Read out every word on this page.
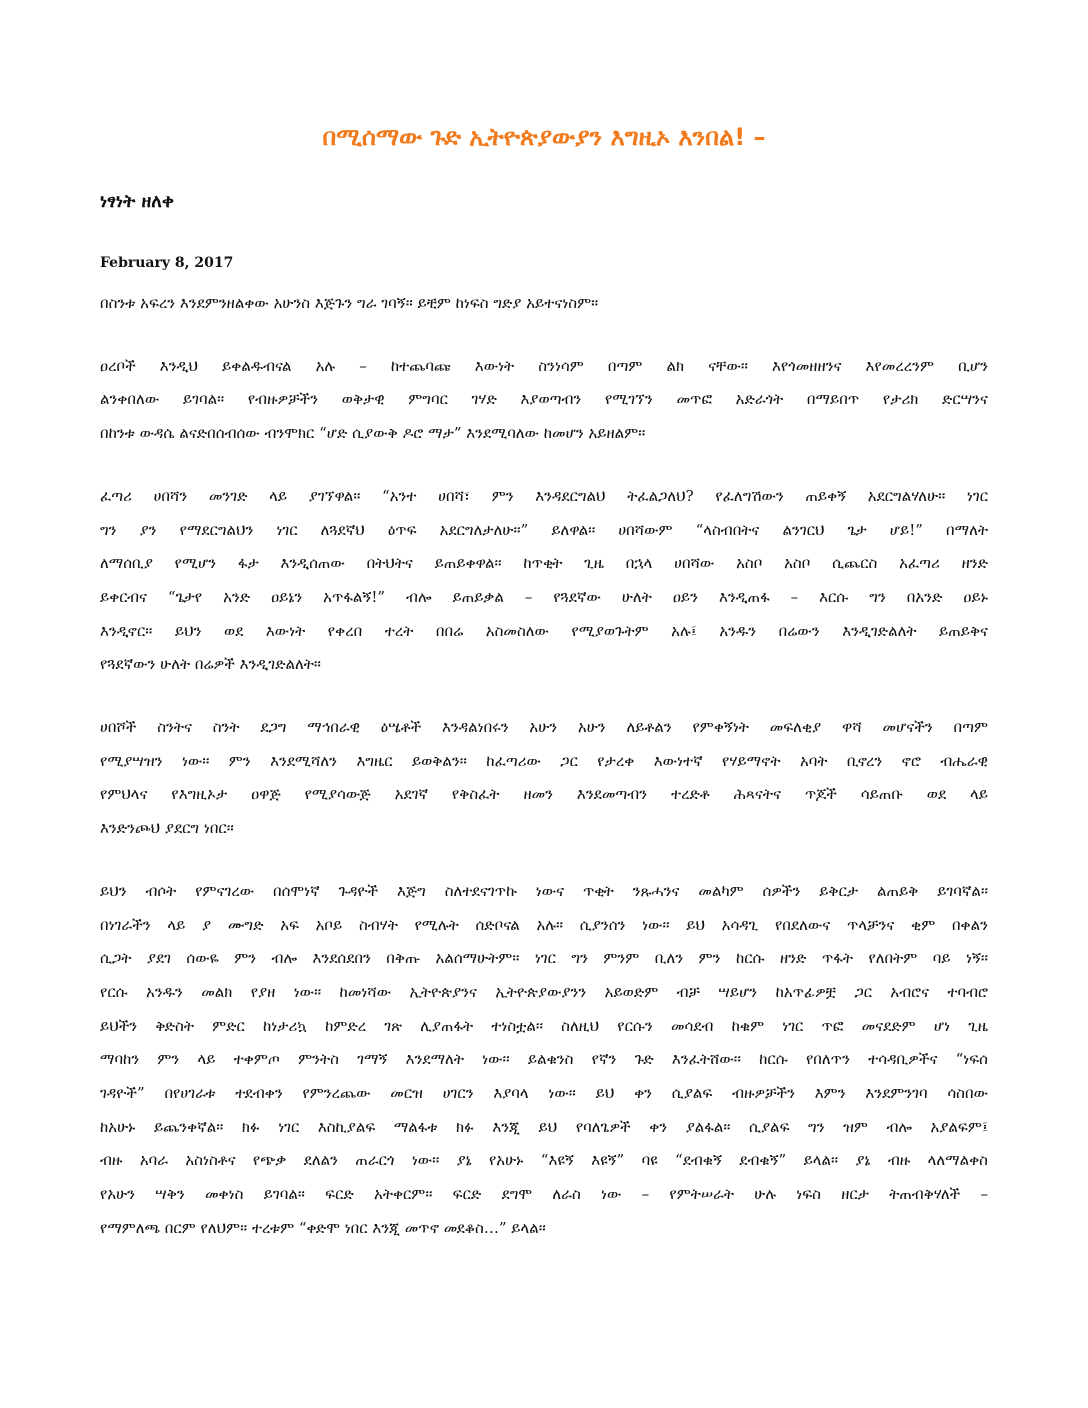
በሚሰማው ጉድ ኢትዮጵያውያን እግዚኦ እንበል! –
ነፃነት ዘለቀ
February 8, 2017
በስንቱ አፍረን እንደምንዘልቀው አሁንስ እጅጉን ግራ ገባኝ፡፡ ይቺም ከነፍስ ግድያ አይተናነስም፡፡
ዐረቦች እንዲህ ይቀልዱብናል አሉ – ከተጨባጩ እውነት ስንነሳም በጣም ልክ ናቸው፡፡ እየጎመዘዘንና እየመረረንም ቢሆን
ልንቀበለው ይገባል፡፡ የብዙዎቻችን ወቅታዊ ምግባር ገሃድ እያወጣብን የሚገኘን መጥፎ አድራጎት በማይበጥ የታሪክ ድርሣንና
በከንቱ ውዳሴ ልናድበሰብሰው ብንሞክር “ሆድ ሲያውቅ ዶሮ ማታ” እንደሚባለው ከመሆን አይዘልም፡፡
ፈጣሪ ሀበሻን መንገድ ላይ ያገኘዋል፡፡ “አንተ ሀበሻ፣ ምን እንዳደርግልህ ትፈልጋለህ? የፈለግሽውን ጠይቀኝ አደርግልሃለሁ፡፡ ነገር
ግን ያን የማደርግልህን ነገር ለጓደኛህ ዕጥፍ አደርግለታለሁ፡፡” ይለዋል፡፡ ሀበሻውም “ላስብበትና ልንገርህ ጌታ ሆይ!” በማለት
ለማሰቢያ የሚሆን ፋታ እንዲሰጠው በትህትና ይጠይቀዋል፡፡ ከጥቂት ጊዜ በኋላ ሀበሻው አስቦ አስቦ ሲጨርስ አፈጣሪ ዘንድ
ይቀርብና “ጌታየ አንድ ዐይኔን አጥፋልኝ!” ብሎ ይጠይቃል – የጓደኛው ሁለት ዐይን እንዲጠፋ – እርሱ ግን በአንድ ዐይኑ
እንዲኖር፡፡ ይህን ወደ እውነት የቀረበ ተረት በበሬ አስመስለው የሚያወጉትም አሉ፤ አንዱን በሬውን እንዲገድልለት ይጠይቅና
የጓደኛውን ሁለት በሬዎች እንዲገድልለት፡፡
ሀበሾች ስንትና ስንት ደጋግ ማኅበራዊ ዕሤቶች እንዳልነበሩን አሁን አሁን ለይቶልን የምቀኝነት መፍለቂያ ዋሻ መሆናችን በጣም
የሚያሣዝን ነው፡፡ ምን እንደሚሻለን እግዜር ይወቅልን፡፡ ከፈጣሪው ጋር የታረቀ እውነተኛ የሃይማኖት አባት ቢኖረን ኖሮ ብሔራዊ
የምህላና የእግዚኦታ ዐዋጅ የሚያሳውጅ አደገኛ የቅስፈት ዘመን እንደመጣብን ተረድቶ ሕጻናትና ጥጆች ሳይጠቡ ወደ ላይ
እንድንጮህ ያደርግ ነበር፡፡
ይህን ብሶት የምናገረው በሰሞነኛ ጉዳዮች እጅግ ስለተደናገጥኩ ነውና ጥቂት ንጹሓንና መልካም ሰዎችን ይቅርታ ልጠይቅ ይገባኛል፡፡
በነገራችን ላይ ያ ሙግድ አፍ አቦይ ስብሃት የሚሉት ሰድቦናል አሉ፡፡ ሲያንሰን ነው፡፡ ይህ አሳዳጊ የበደለውና ጥላቻንና ቂም በቀልን
ሲጋት ያደገ ሰውዬ ምን ብሎ እንደሰደበን በቅጡ አልሰማሁትም፡፡ ነገር ግን ምንም ቢለን ምን ከርሱ ዘንድ ጥፋት የለበትም ባይ ነኝ፡፡
የርሱ አንዱን መልክ የያዘ ነው፡፡ ከመነሻው ኢትዮጵያንና ኢትዮጵያውያንን አይወድም ብቻ ሣይሆን ከአጥፊዎቿ ጋር አብሮና ተባብሮ
ይህችን ቅድስት ምድር ከነታሪኳ ከምድረ ገጽ ሊያጠፋት ተነስቷል፡፡ ስለዚህ የርሱን መሳደብ ከቁም ነገር ጥፎ መናደድም ሆነ ጊዜ
ማባከን ምን ላይ ተቀምጦ ምንትስ ገማኝ እንደማለት ነው፡፡ ይልቁንስ የኛን ጉድ እንፈትሸው፡፡ ከርሱ የበለጥን ተሳዳቢዎችና “ነፍሰ
ገዳዮች” በየሀገራቱ ተደብቀን የምንረጨው መርዝ ሀገርን እያባላ ነው፡፡ ይህ ቀን ሲያልፍ ብዙዎቻችን እምን እንደምንገባ ሳስበው
ከአሁኑ ይጨንቀኛል፡፡ ክፉ ነገር እስኪያልፍ ማልፋቱ ክፉ እንጂ ይህ የባለጌዎች ቀን ያልፋል፡፡ ሲያልፍ ግን ዝም ብሎ አያልፍም፤
ብዙ አባራ አስነስቶና የጭቃ ደለልን ጠራርጎ ነው፡፡ ያኔ የአሁኑ “እዩኝ እዩኝ” ባዩ “ደብቁኝ ደብቁኝ” ይላል፡፡ ያኔ ብዙ ላለማልቀስ
የአሁን ሣቅን መቀነስ ይገባል፡፡ ፍርድ አትቀርም፡፡ ፍርድ ደግሞ ለራስ ነው – የምትሠራት ሁሉ ነፍስ ዘርታ ትጠብቅሃለች –
የማምለጫ በርም የለህም፡፡ ተረቱም “ቀድሞ ነበር እንጂ መጥኖ መደቆስ…” ይላል፡፡
